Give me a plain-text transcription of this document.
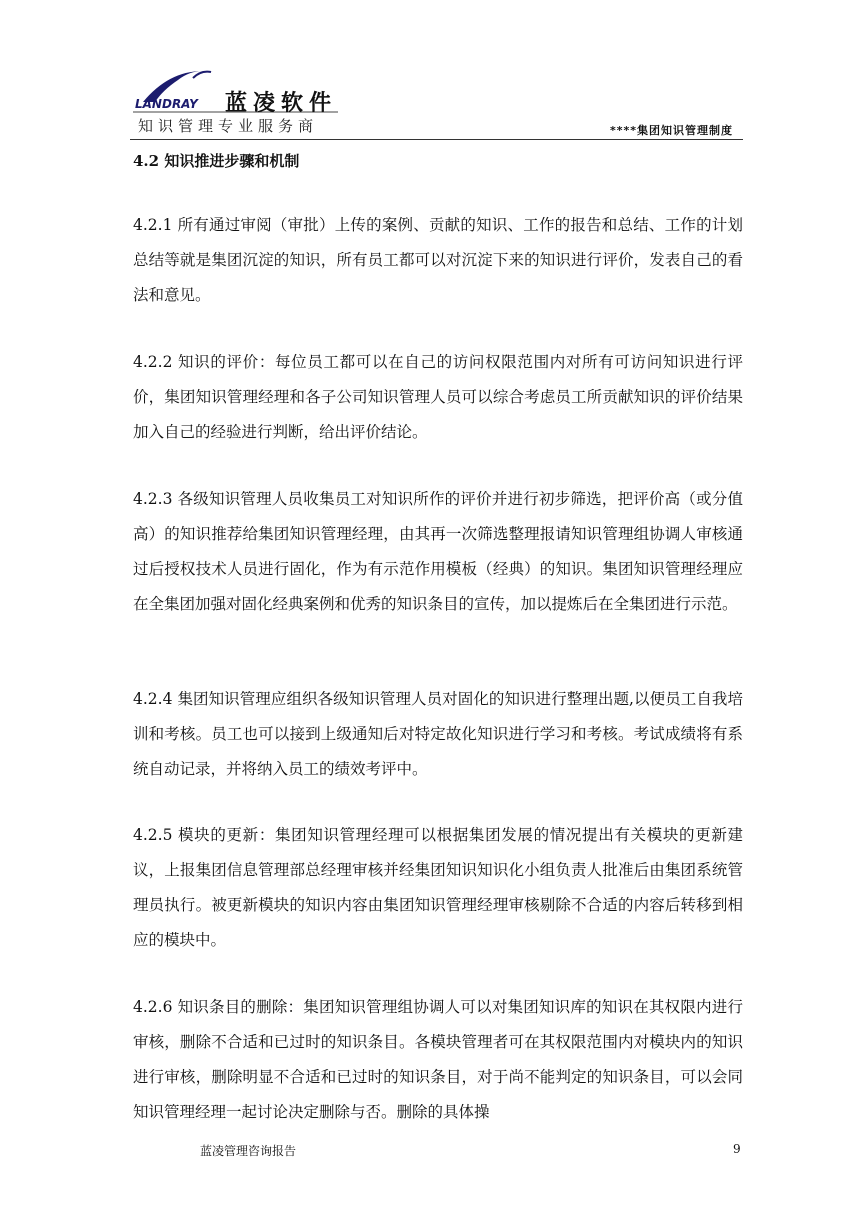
LANDRAY 蓝凌软件
知识管理专业服务商	****集团知识管理制度
4.2 知识推进步骤和机制

4.2.1 所有通过审阅（审批）上传的案例、贡献的知识、工作的报告和总结、工作的计划总结等就是集团沉淀的知识，所有员工都可以对沉淀下来的知识进行评价，发表自己的看法和意见。

4.2.2 知识的评价：每位员工都可以在自己的访问权限范围内对所有可访问知识进行评价，集团知识管理经理和各子公司知识管理人员可以综合考虑员工所贡献知识的评价结果加入自己的经验进行判断，给出评价结论。

4.2.3 各级知识管理人员收集员工对知识所作的评价并进行初步筛选，把评价高（或分值高）的知识推荐给集团知识管理经理，由其再一次筛选整理报请知识管理组协调人审核通过后授权技术人员进行固化，作为有示范作用模板（经典）的知识。集团知识管理经理应在全集团加强对固化经典案例和优秀的知识条目的宣传，加以提炼后在全集团进行示范。

4.2.4 集团知识管理应组织各级知识管理人员对固化的知识进行整理出题,以便员工自我培训和考核。员工也可以接到上级通知后对特定故化知识进行学习和考核。考试成绩将有系统自动记录，并将纳入员工的绩效考评中。

4.2.5 模块的更新：集团知识管理经理可以根据集团发展的情况提出有关模块的更新建议，上报集团信息管理部总经理审核并经集团知识知识化小组负责人批准后由集团系统管理员执行。被更新模块的知识内容由集团知识管理经理审核剔除不合适的内容后转移到相应的模块中。

4.2.6 知识条目的删除：集团知识管理组协调人可以对集团知识库的知识在其权限内进行审核，删除不合适和已过时的知识条目。各模块管理者可在其权限范围内对模块内的知识进行审核，删除明显不合适和已过时的知识条目，对于尚不能判定的知识条目，可以会同知识管理经理一起讨论决定删除与否。删除的具体操

蓝凌管理咨询报告	9
